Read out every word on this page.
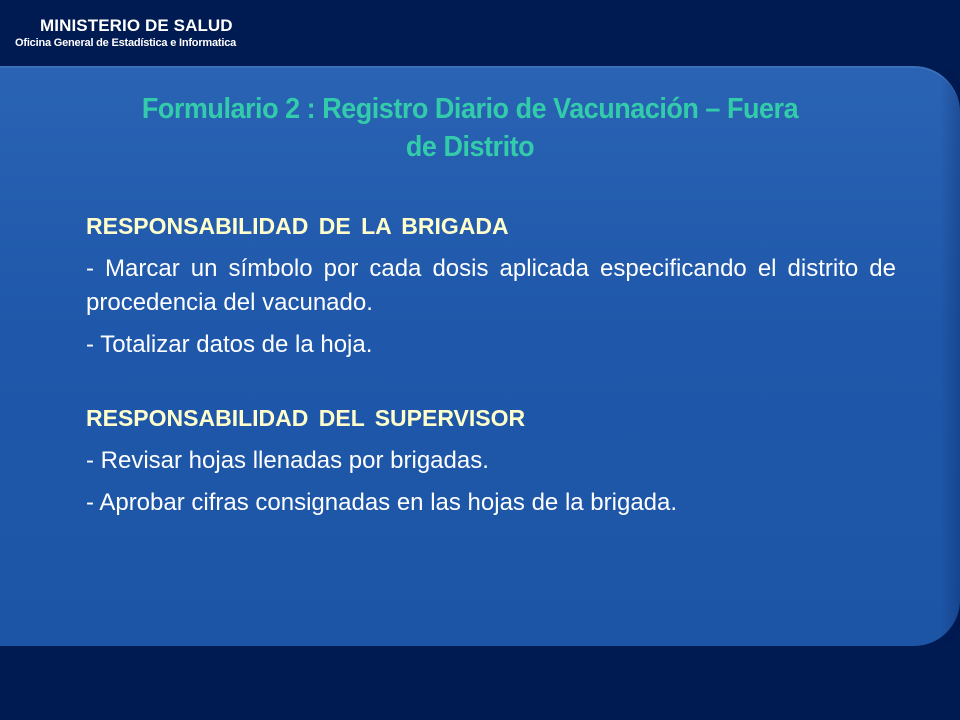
MINISTERIO DE SALUD
Oficina General de Estadística e Informatica
Formulario 2 : Registro Diario de Vacunación – Fuera
de Distrito

RESPONSABILIDAD DE LA BRIGADA

- Marcar un símbolo por cada dosis aplicada especificando el distrito de procedencia del vacunado.

- Totalizar datos de la hoja.

RESPONSABILIDAD DEL SUPERVISOR

- Revisar hojas llenadas por brigadas.

- Aprobar cifras consignadas en las hojas de la brigada.
